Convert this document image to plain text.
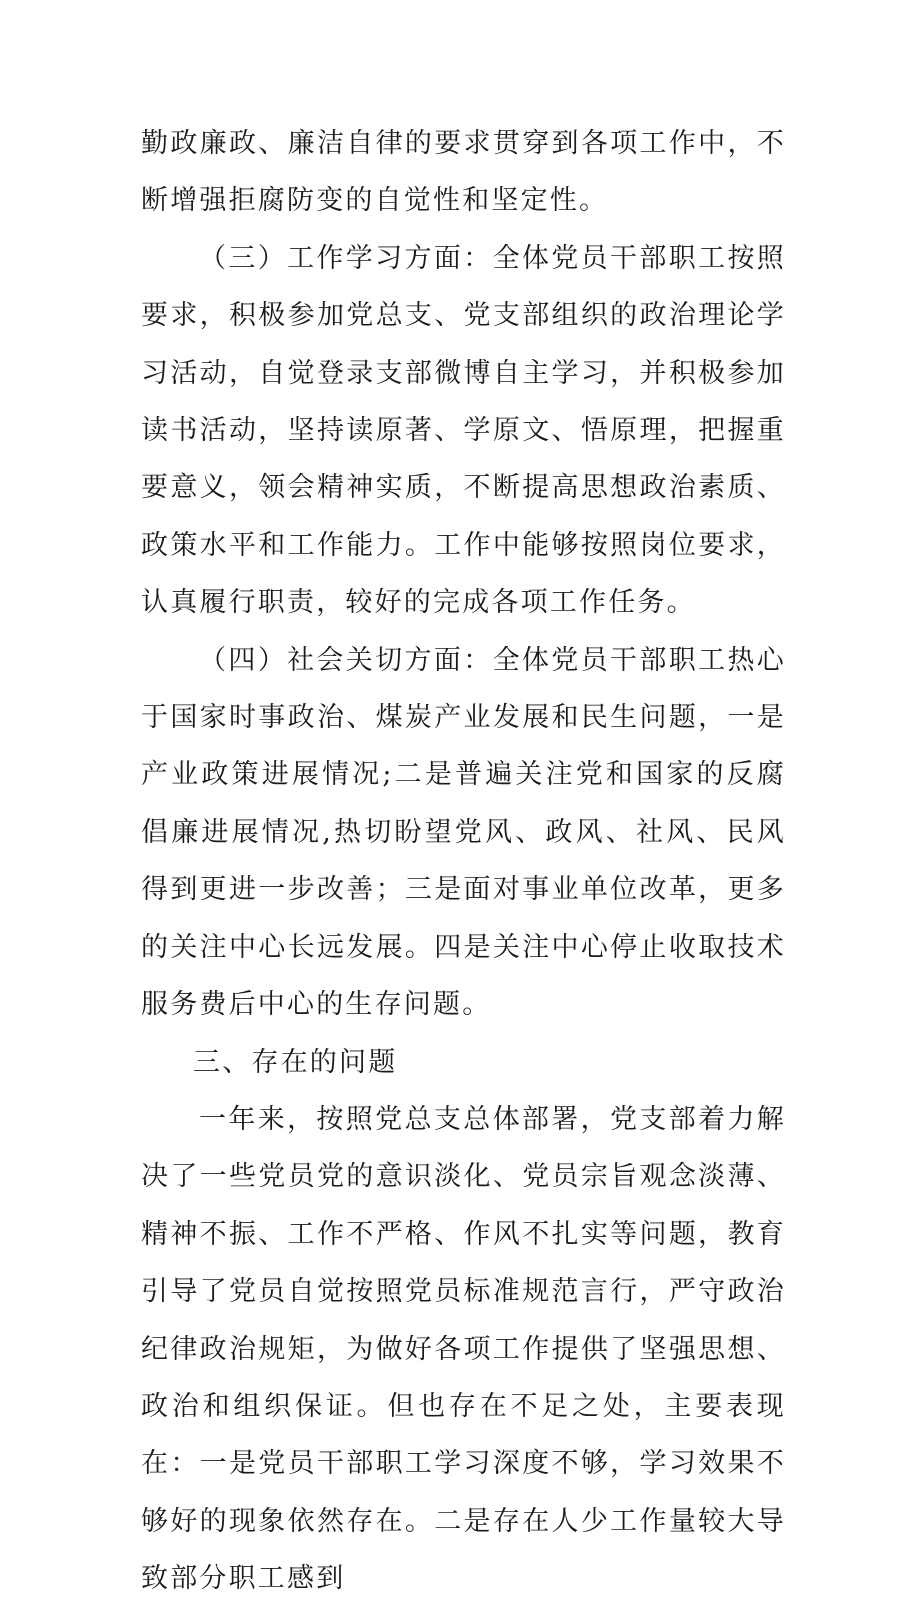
勤政廉政、廉洁自律的要求贯穿到各项工作中，不断增强拒腐防变的自觉性和坚定性。

（三）工作学习方面：全体党员干部职工按照要求，积极参加党总支、党支部组织的政治理论学习活动，自觉登录支部微博自主学习，并积极参加读书活动，坚持读原著、学原文、悟原理，把握重要意义，领会精神实质，不断提高思想政治素质、政策水平和工作能力。工作中能够按照岗位要求，认真履行职责，较好的完成各项工作任务。

（四）社会关切方面：全体党员干部职工热心于国家时事政治、煤炭产业发展和民生问题，一是产业政策进展情况;二是普遍关注党和国家的反腐倡廉进展情况,热切盼望党风、政风、社风、民风得到更进一步改善；三是面对事业单位改革，更多的关注中心长远发展。四是关注中心停止收取技术服务费后中心的生存问题。

三、存在的问题

一年来，按照党总支总体部署，党支部着力解决了一些党员党的意识淡化、党员宗旨观念淡薄、精神不振、工作不严格、作风不扎实等问题，教育引导了党员自觉按照党员标准规范言行，严守政治纪律政治规矩，为做好各项工作提供了坚强思想、政治和组织保证。但也存在不足之处，主要表现在：一是党员干部职工学习深度不够，学习效果不够好的现象依然存在。二是存在人少工作量较大导致部分职工感到
